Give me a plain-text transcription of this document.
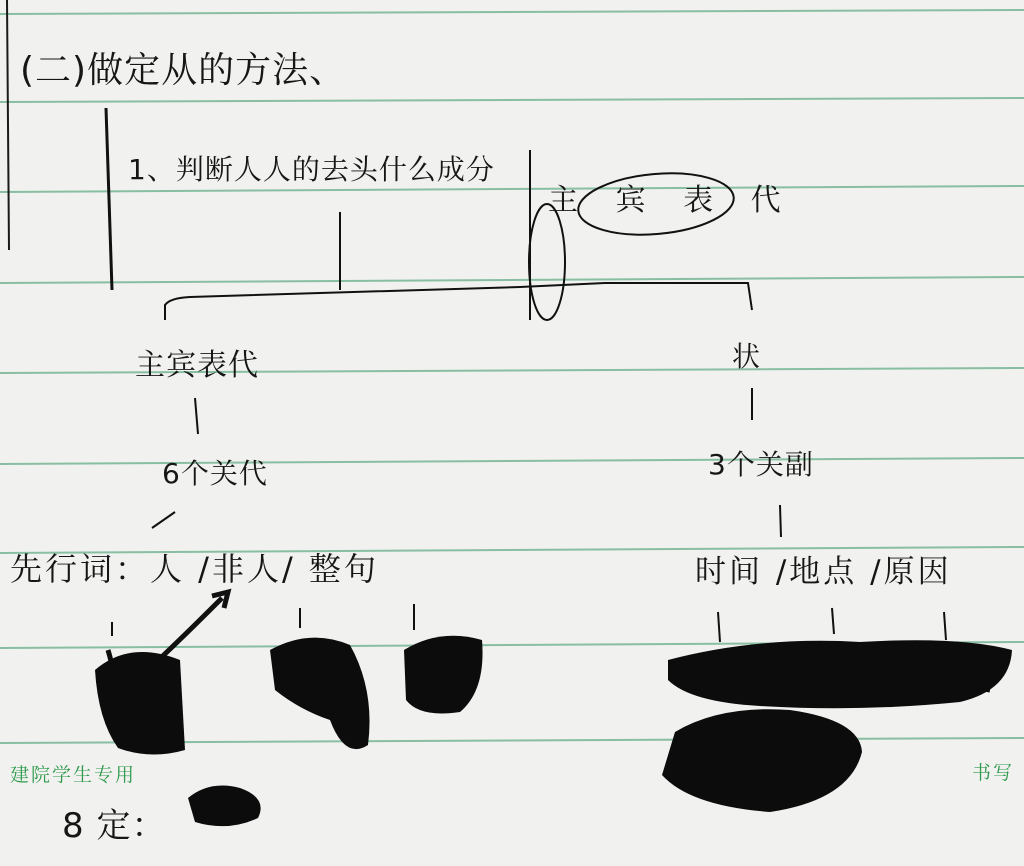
(二)做定从的方法、
1、判断人人的去头什么成分
主 宾 表 代
主宾表代	状
6个关代	3个关副
先行词：人 /非人/ 整句	时间 /地点 /原因
建院学生专用	书写
8 定：
